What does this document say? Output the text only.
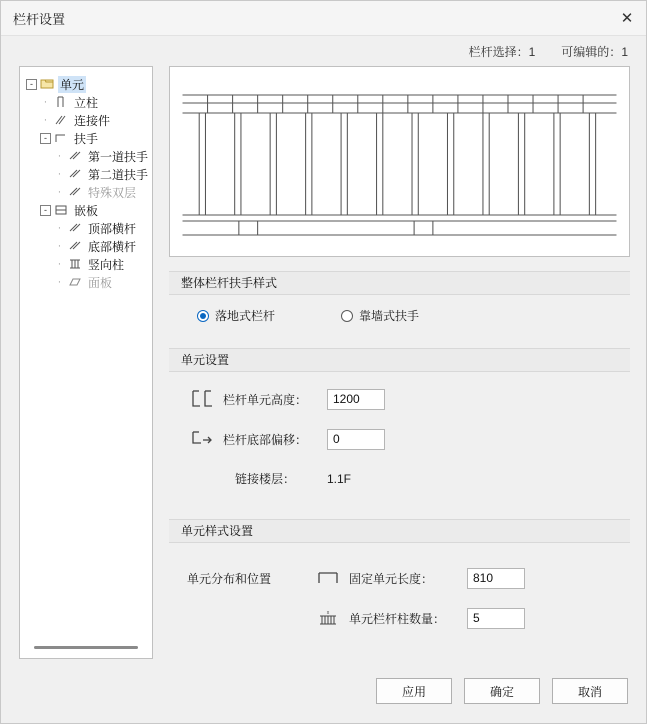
栏杆设置	✕
栏杆选择：1 可编辑的：1
-	单元
·	立柱
·	连接件
-	扶手
·	第一道扶手
·	第二道扶手
·	特殊双层
-	嵌板
·	顶部横杆
·	底部横杆
·	竖向柱
·	面板	整体栏杆扶手样式
落地式栏杆	靠墙式扶手
单元设置
栏杆单元高度：
1200
栏杆底部偏移：
0
链接楼层：	1.1F
单元样式设置
单元分布和位置	固定单元长度：
810
x 单元栏杆柱数量：
5
应用	确定	取消
